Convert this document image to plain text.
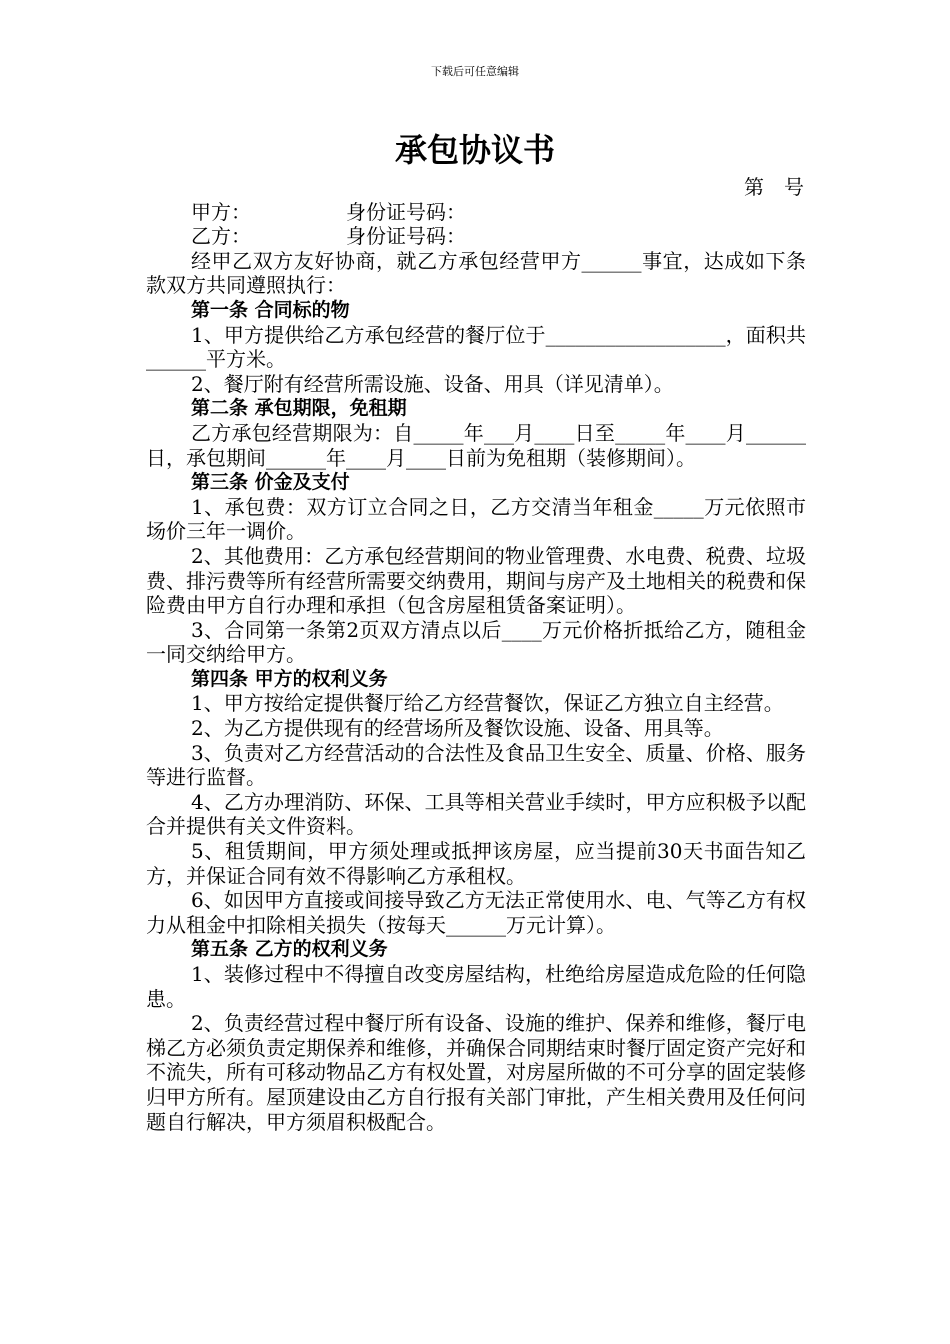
下载后可任意编辑
承包协议书

第　号

甲方：	身份证号码：

乙方：	身份证号码：

经甲乙双方友好协商，就乙方承包经营甲方______事宜，达成如下条款双方共同遵照执行：

第一条 合同标的物

1、甲方提供给乙方承包经营的餐厅位于__________________，面积共______平方米。

2、餐厅附有经营所需设施、设备、用具（详见清单）。

第二条 承包期限，免租期

乙方承包经营期限为：自_____年___月____日至_____年____月______日，承包期间______年____月____日前为免租期（装修期间）。

第三条 价金及支付

1、承包费：双方订立合同之日，乙方交清当年租金_____万元依照市场价三年一调价。

2、其他费用：乙方承包经营期间的物业管理费、水电费、税费、垃圾费、排污费等所有经营所需要交纳费用，期间与房产及土地相关的税费和保险费由甲方自行办理和承担（包含房屋租赁备案证明）。

3、合同第一条第2页双方清点以后____万元价格折抵给乙方，随租金一同交纳给甲方。

第四条 甲方的权利义务

1、甲方按给定提供餐厅给乙方经营餐饮，保证乙方独立自主经营。

2、为乙方提供现有的经营场所及餐饮设施、设备、用具等。

3、负责对乙方经营活动的合法性及食品卫生安全、质量、价格、服务等进行监督。

4、乙方办理消防、环保、工具等相关营业手续时，甲方应积极予以配合并提供有关文件资料。

5、租赁期间，甲方须处理或抵押该房屋，应当提前30天书面告知乙方，并保证合同有效不得影响乙方承租权。

6、如因甲方直接或间接导致乙方无法正常使用水、电、气等乙方有权力从租金中扣除相关损失（按每天______万元计算）。

第五条 乙方的权利义务

1、装修过程中不得擅自改变房屋结构，杜绝给房屋造成危险的任何隐患。

2、负责经营过程中餐厅所有设备、设施的维护、保养和维修，餐厅电梯乙方必须负责定期保养和维修，并确保合同期结束时餐厅固定资产完好和不流失，所有可移动物品乙方有权处置，对房屋所做的不可分享的固定装修归甲方所有。屋顶建设由乙方自行报有关部门审批，产生相关费用及任何问题自行解决，甲方须眉积极配合。
